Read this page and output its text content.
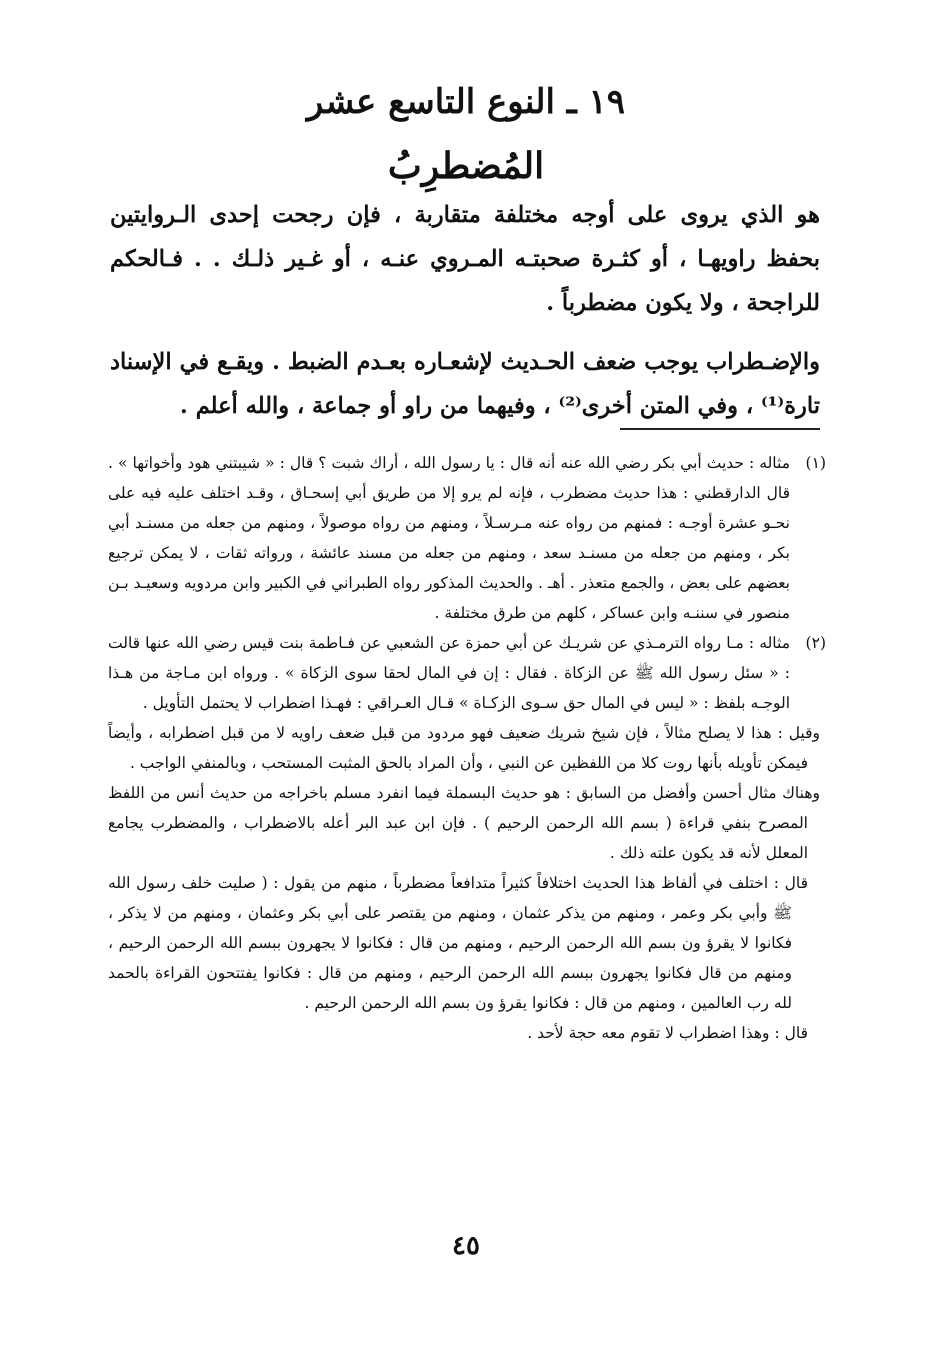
١٩ ـ النوع التاسع عشر
المُضطرِبُ

هو الذي يروى على أوجه مختلفة متقاربة ، فإن رجحت إحدى الـروايتين بحفظ راويهـا ، أو كثـرة صحبتـه المـروي عنـه ، أو غـير ذلـك . . فـالحكم للراجحة ، ولا يكون مضطرباً .

والإضـطراب يوجب ضعف الحـديث لإشعـاره بعـدم الضبط . ويقـع في الإسناد تارة⁽¹⁾ ، وفي المتن أخرى⁽²⁾ ، وفيهما من راو أو جماعة ، والله أعلم .

(١)

مثاله : حديث أبي بكر رضي الله عنه أنه قال : يا رسول الله ، أراك شبت ؟ قال : « شيبتني هود وأخواتها » . قال الدارقطني : هذا حديث مضطرب ، فإنه لم يرو إلا من طريق أبي إسحـاق ، وقـد اختلف عليه فيه على نحـو عشرة أوجـه : فمنهم من رواه عنه مـرسـلاً ، ومنهم من رواه موصولاً ، ومنهم من جعله من مسنـد أبي بكر ، ومنهم من جعله من مسنـد سعد ، ومنهم من جعله من مسند عائشة ، ورواته ثقات ، لا يمكن ترجيع بعضهم على بعض ، والجمع متعذر . أهـ . والحديث المذكور رواه الطبراني في الكبير وابن مردويه وسعيـد بـن منصور في سننـه وابن عساكر ، كلهم من طرق مختلفة .

(٢)

مثاله : مـا رواه الترمـذي عن شريـك عن أبي حمزة عن الشعبي عن فـاطمة بنت قيس رضي الله عنها قالت : « سئل رسول الله ﷺ عن الزكاة . فقال : إن في المال لحقا سوى الزكاة » . ورواه ابن مـاجة من هـذا الوجـه بلفظ : « ليس في المال حق سـوى الزكـاة » قـال العـراقي : فهـذا اضطراب لا يحتمل التأويل .

وقيل : هذا لا يصلح مثالاً ، فإن شيخ شريك ضعيف فهو مردود من قبل ضعف راويه لا من قبل اضطرابه ، وأيضاً فيمكن تأويله بأنها روت كلا من اللفظين عن النبي ، وأن المراد بالحق المثبت المستحب ، وبالمنفي الواجب .

وهناك مثال أحسن وأفضل من السابق : هو حديث البسملة فيما انفرد مسلم باخراجه من حديث أنس من اللفظ المصرح بنفي قراءة ( بسم الله الرحمن الرحيم ) . فإن ابن عبد البر أعله بالاضطراب ، والمضطرب يجامع المعلل لأنه قد يكون علته ذلك .

قال : اختلف في ألفاظ هذا الحديث اختلافاً كثيراً متدافعاً مضطرباً ، منهم من يقول : ( صليت خلف رسول الله ﷺ وأبي بكر وعمر ، ومنهم من يذكر عثمان ، ومنهم من يقتصر على أبي بكر وعثمان ، ومنهم من لا يذكر ، فكانوا لا يقرؤ ون بسم الله الرحمن الرحيم ، ومنهم من قال : فكانوا لا يجهرون ببسم الله الرحمن الرحيم ، ومنهم من قال فكانوا يجهرون ببسم الله الرحمن الرحيم ، ومنهم من قال : فكانوا يفتتحون القراءة بالحمد لله رب العالمين ، ومنهم من قال : فكانوا يقرؤ ون بسم الله الرحمن الرحيم .

قال : وهذا اضطراب لا تقوم معه حجة لأحد .

٤٥
